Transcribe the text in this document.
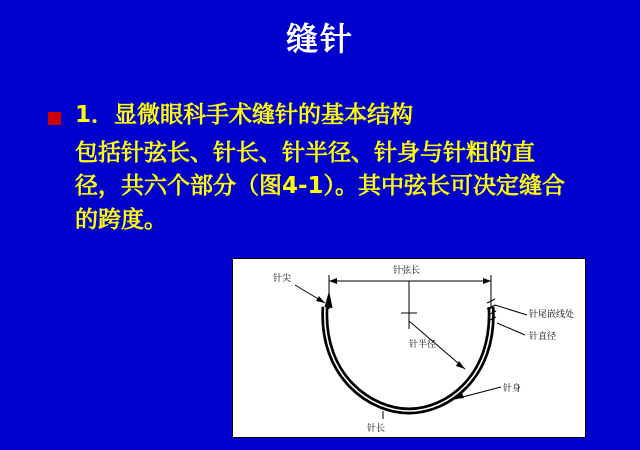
缝针
1．显微眼科手术缝针的基本结构
包括针弦长、针长、针半径、针身与针粗的直径，共六个部分（图4-1）。其中弦长可决定缝合的跨度。
针尖
针弦长
针半径
针尾嵌线处
针直径
针身
针长
